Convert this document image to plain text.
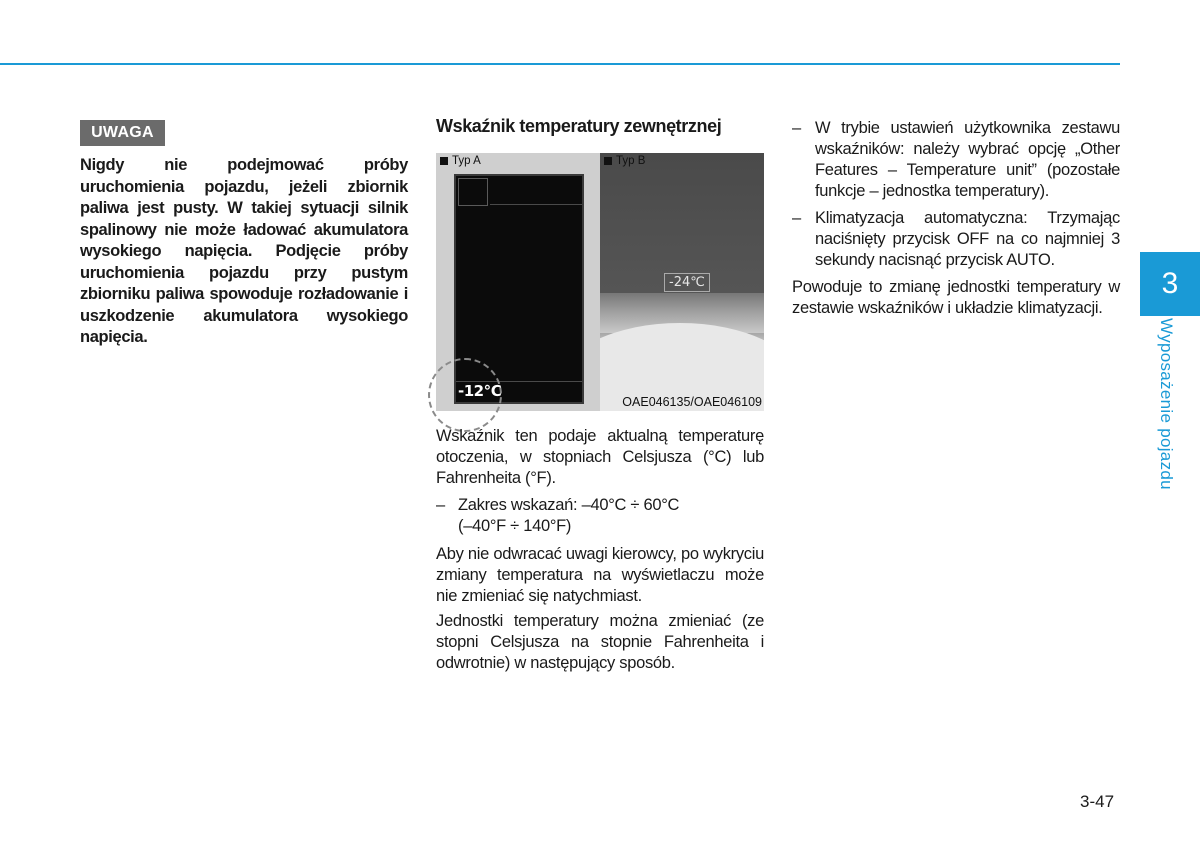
UWAGA

Nigdy nie podejmować próby uruchomienia pojazdu, jeżeli zbiornik paliwa jest pusty. W takiej sytuacji silnik spalinowy nie może ładować akumulatora wysokiego napięcia. Podjęcie próby uruchomienia pojazdu przy pustym zbiorniku paliwa spowoduje rozładowanie i uszkodzenie akumulatora wysokiego napięcia.

Wskaźnik temperatury zewnętrznej
Typ A
-12℃
Typ B
-24℃
OAE046135/OAE046109

Wskaźnik ten podaje aktualną temperaturę otoczenia, w stopniach Celsjusza (°C) lub Fahrenheita (°F).

– Zakres wskazań: –40°C ÷ 60°C
(–40°F ÷ 140°F)

Aby nie odwracać uwagi kierowcy, po wykryciu zmiany temperatura na wyświetlaczu może nie zmieniać się natychmiast.

Jednostki temperatury można zmieniać (ze stopni Celsjusza na stopnie Fahrenheita i odwrotnie) w następujący sposób.

– W trybie ustawień użytkownika zestawu wskaźników: należy wybrać opcję „Other Features – Temperature unit” (pozostałe funkcje – jednostka temperatury).
– Klimatyzacja automatyczna: Trzymając naciśnięty przycisk OFF na co najmniej 3 sekundy nacisnąć przycisk AUTO.

Powoduje to zmianę jednostki temperatury w zestawie wskaźników i układzie klimatyzacji.

3
Wyposażenie pojazdu
3-47
